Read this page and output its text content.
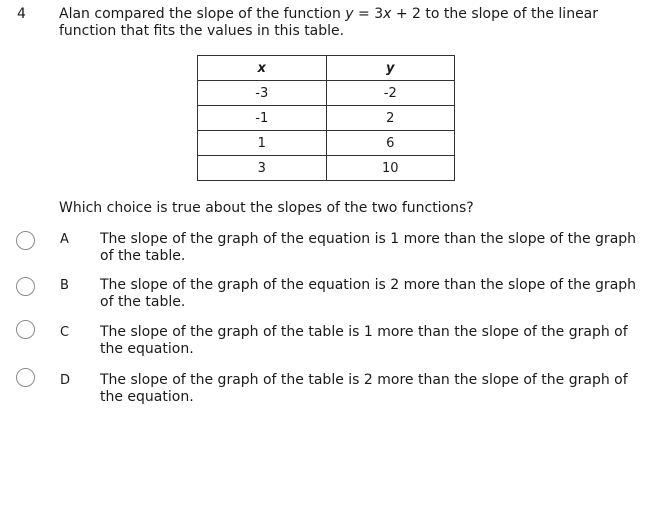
4 Alan compared the slope of the function y = 3x + 2 to the slope of the linear function that fits the values in this table.
x	y
-3	-2
-1	2
1	6
3	10
Which choice is true about the slopes of the two functions?
A The slope of the graph of the equation is 1 more than the slope of the graph of the table.
B The slope of the graph of the equation is 2 more than the slope of the graph of the table.
C The slope of the graph of the table is 1 more than the slope of the graph of the equation.
D The slope of the graph of the table is 2 more than the slope of the graph of the equation.
